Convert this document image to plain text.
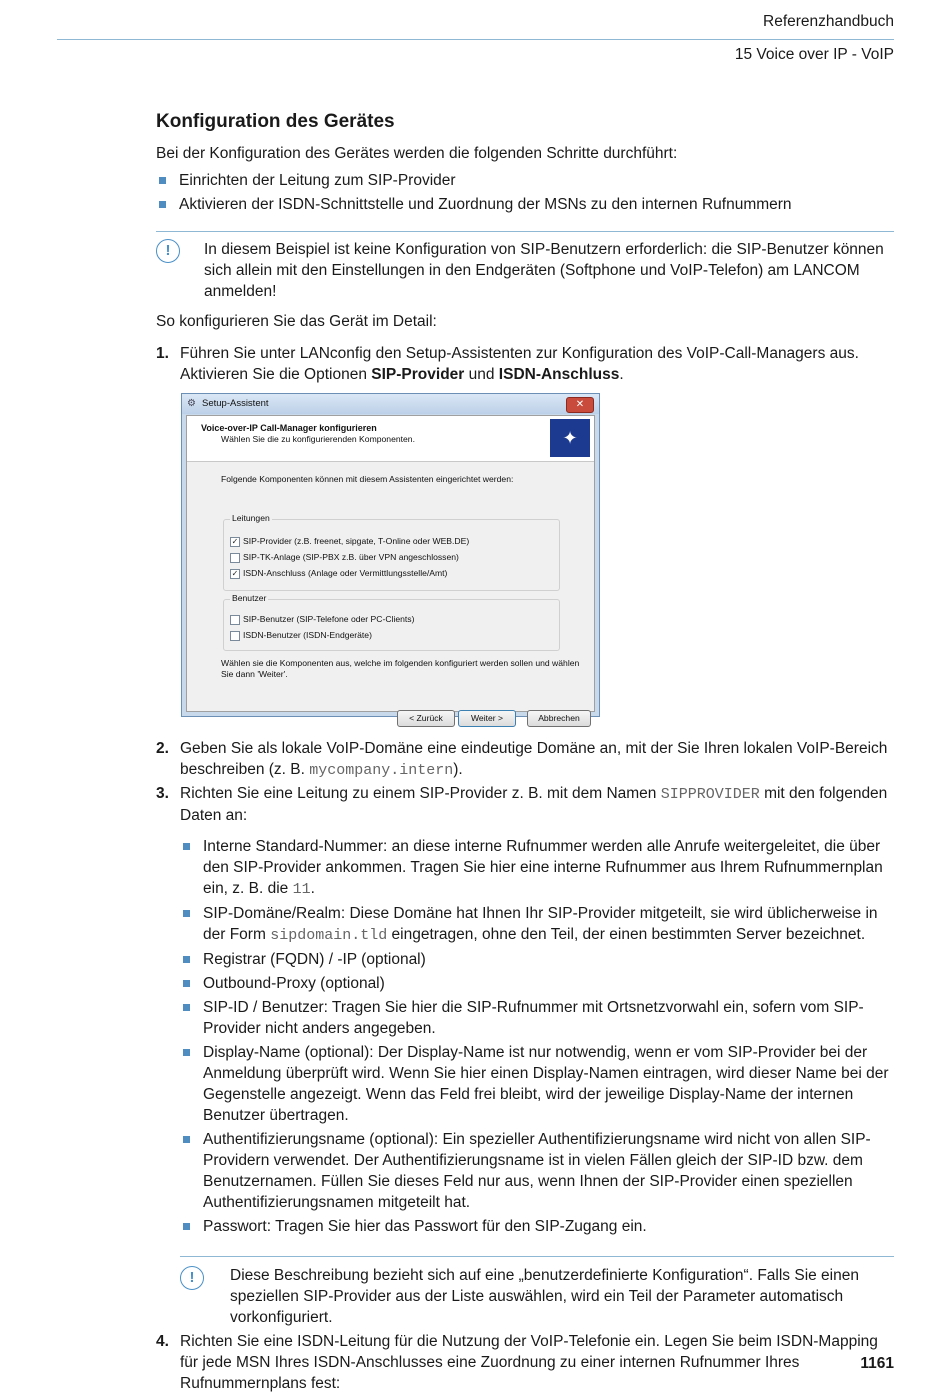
Referenzhandbuch
15 Voice over IP - VoIP
Konfiguration des Gerätes

Bei der Konfiguration des Gerätes werden die folgenden Schritte durchführt:

Einrichten der Leitung zum SIP-Provider
Aktivieren der ISDN-Schnittstelle und Zuordnung der MSNs zu den internen Rufnummern
!	In diesem Beispiel ist keine Konfiguration von SIP-Benutzern erforderlich: die SIP-Benutzer können sich allein mit den Einstellungen in den Endgeräten (Softphone und VoIP-Telefon) am LANCOM anmelden!

So konfigurieren Sie das Gerät im Detail:

1. Führen Sie unter LANconfig den Setup-Assistenten zur Konfiguration des VoIP-Call-Managers aus. Aktivieren Sie die Optionen SIP-Provider und ISDN-Anschluss.
2. Geben Sie als lokale VoIP-Domäne eine eindeutige Domäne an, mit der Sie Ihren lokalen VoIP-Bereich beschreiben (z. B. mycompany.intern).
3. Richten Sie eine Leitung zu einem SIP-Provider z. B. mit dem Namen SIPPROVIDER mit den folgenden Daten an:
Interne Standard-Nummer: an diese interne Rufnummer werden alle Anrufe weitergeleitet, die über den SIP-Provider ankommen. Tragen Sie hier eine interne Rufnummer aus Ihrem Rufnummernplan ein, z. B. die 11.
SIP-Domäne/Realm: Diese Domäne hat Ihnen Ihr SIP-Provider mitgeteilt, sie wird üblicherweise in der Form sipdomain.tld eingetragen, ohne den Teil, der einen bestimmten Server bezeichnet.
Registrar (FQDN) / -IP (optional)
Outbound-Proxy (optional)
SIP-ID / Benutzer: Tragen Sie hier die SIP-Rufnummer mit Ortsnetzvorwahl ein, sofern vom SIP-Provider nicht anders angegeben.
Display-Name (optional): Der Display-Name ist nur notwendig, wenn er vom SIP-Provider bei der Anmeldung überprüft wird. Wenn Sie hier einen Display-Namen eintragen, wird dieser Name bei der Gegenstelle angezeigt. Wenn das Feld frei bleibt, wird der jeweilige Display-Name der internen Benutzer übertragen.
Authentifizierungsname (optional): Ein spezieller Authentifizierungsname wird nicht von allen SIP-Providern verwendet. Der Authentifizierungsname ist in vielen Fällen gleich der SIP-ID bzw. dem Benutzernamen. Füllen Sie dieses Feld nur aus, wenn Ihnen der SIP-Provider einen speziellen Authentifizierungsnamen mitgeteilt hat.
Passwort: Tragen Sie hier das Passwort für den SIP-Zugang ein.
!	Diese Beschreibung bezieht sich auf eine „benutzerdefinierte Konfiguration“. Falls Sie einen speziellen SIP-Provider aus der Liste auswählen, wird ein Teil der Parameter automatisch vorkonfiguriert.
4. Richten Sie eine ISDN-Leitung für die Nutzung der VoIP-Telefonie ein. Legen Sie beim ISDN-Mapping für jede MSN Ihres ISDN-Anschlusses eine Zuordnung zu einer internen Rufnummer Ihres Rufnummernplans fest:
⚙ Setup-Assistent	✕
Voice-over-IP Call-Manager konfigurieren
Wählen Sie die zu konfigurierenden Komponenten.	✦
Folgende Komponenten können mit diesem Assistenten eingerichtet werden:
Leitungen
✓ SIP-Provider (z.B. freenet, sipgate, T-Online oder WEB.DE)
SIP-TK-Anlage (SIP-PBX z.B. über VPN angeschlossen)
✓ ISDN-Anschluss (Anlage oder Vermittlungsstelle/Amt)
Benutzer
SIP-Benutzer (SIP-Telefone oder PC-Clients)
ISDN-Benutzer (ISDN-Endgeräte)
Wählen sie die Komponenten aus, welche im folgenden konfiguriert werden sollen und wählen Sie dann 'Weiter'.
< Zurück	Weiter >	Abbrechen
1161
